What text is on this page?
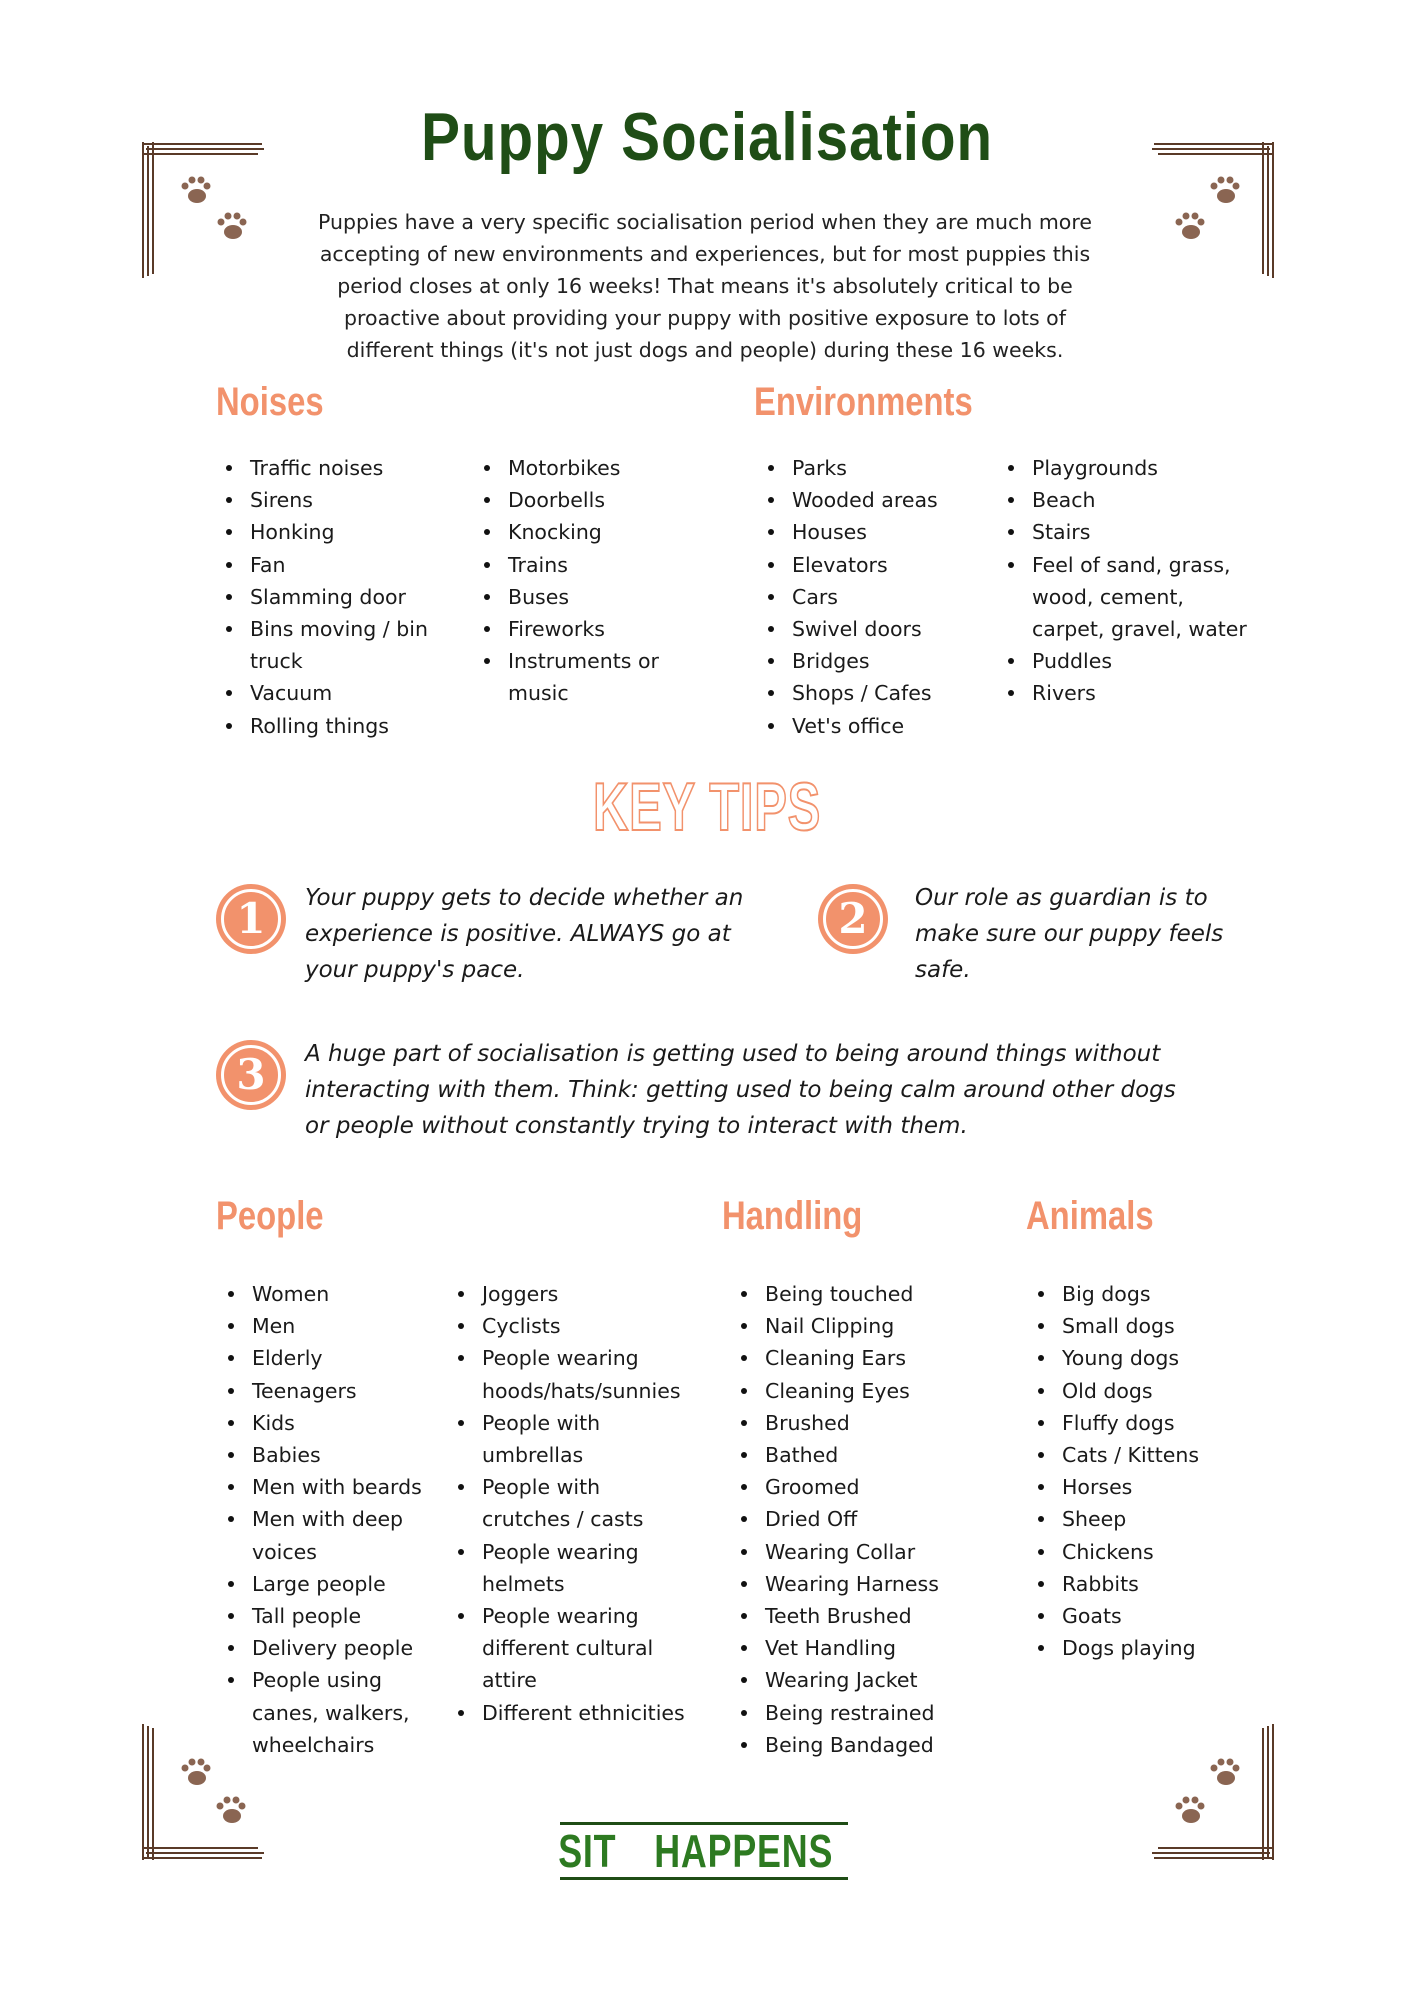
Puppy Socialisation
Puppies have a very specific socialisation period when they are much more
accepting of new environments and experiences, but for most puppies this
period closes at only 16 weeks! That means it's absolutely critical to be
proactive about providing your puppy with positive exposure to lots of
different things (it's not just dogs and people) during these 16 weeks.
Noises
Traffic noises
Sirens
Honking
Fan
Slamming door
Bins moving / bin
truck
Vacuum
Rolling things
Motorbikes
Doorbells
Knocking
Trains
Buses
Fireworks
Instruments or
music
Environments
Parks
Wooded areas
Houses
Elevators
Cars
Swivel doors
Bridges
Shops / Cafes
Vet's office
Playgrounds
Beach
Stairs
Feel of sand, grass,
wood, cement,
carpet, gravel, water
Puddles
Rivers
KEY TIPS
1	Your puppy gets to decide whether an
experience is positive. ALWAYS go at
your puppy's pace.
2	Our role as guardian is to
make sure our puppy feels
safe.
3	A huge part of socialisation is getting used to being around things without
interacting with them. Think: getting used to being calm around other dogs
or people without constantly trying to interact with them.
People
Women
Men
Elderly
Teenagers
Kids
Babies
Men with beards
Men with deep
voices
Large people
Tall people
Delivery people
People using
canes, walkers,
wheelchairs
Joggers
Cyclists
People wearing
hoods/hats/sunnies
People with
umbrellas
People with
crutches / casts
People wearing
helmets
People wearing
different cultural
attire
Different ethnicities
Handling
Being touched
Nail Clipping
Cleaning Ears
Cleaning Eyes
Brushed
Bathed
Groomed
Dried Off
Wearing Collar
Wearing Harness
Teeth Brushed
Vet Handling
Wearing Jacket
Being restrained
Being Bandaged
Animals
Big dogs
Small dogs
Young dogs
Old dogs
Fluffy dogs
Cats / Kittens
Horses
Sheep
Chickens
Rabbits
Goats
Dogs playing
SIT HAPPENS
